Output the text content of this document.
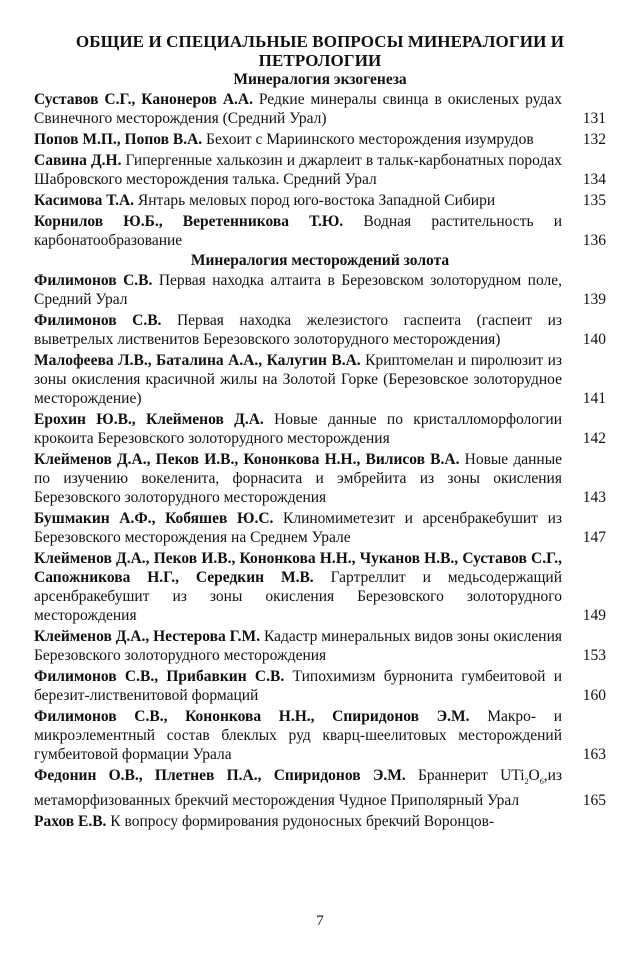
ОБЩИЕ И СПЕЦИАЛЬНЫЕ ВОПРОСЫ МИНЕРАЛОГИИ И ПЕТРОЛОГИИ
Минералогия экзогенеза
Суставов С.Г., Канонеров А.А. Редкие минералы свинца в окисленых рудах Свинечного месторождения (Средний Урал)	131
Попов М.П., Попов В.А. Бехоит с Мариинского месторождения изумрудов	132
Савина Д.Н. Гипергенные халькозин и джарлеит в тальк-карбонатных породах Шабровского месторождения талька. Средний Урал	134
Касимова Т.А. Янтарь меловых пород юго-востока Западной Сибири	135
Корнилов Ю.Б., Веретенникова Т.Ю. Водная растительность и карбонатообразование	136
Минералогия месторождений золота
Филимонов С.В. Первая находка алтаита в Березовском золоторудном поле, Средний Урал	139
Филимонов С.В. Первая находка железистого гаспеита (гаспеит из выветрелых лиственитов Березовского золоторудного месторождения)	140
Малофеева Л.В., Баталина А.А., Калугин В.А. Криптомелан и пиролюзит из зоны окисления красичной жилы на Золотой Горке (Березовское золоторудное месторождение)	141
Ерохин Ю.В., Клейменов Д.А. Новые данные по кристалломорфологии крокоита Березовского золоторудного месторождения	142
Клейменов Д.А., Пеков И.В., Кононкова Н.Н., Вилисов В.А. Новые данные по изучению вокеленита, форнасита и эмбрейита из зоны окисления Березовского золоторудного месторождения	143
Бушмакин А.Ф., Кобяшев Ю.С. Клиномиметезит и арсенбракебушит из Березовского месторождения на Среднем Урале	147
Клейменов Д.А., Пеков И.В., Кононкова Н.Н., Чуканов Н.В., Суставов С.Г., Сапожникова Н.Г., Середкин М.В. Гартреллит и медьсодержащий арсенбракебушит из зоны окисления Березовского золоторудного месторождения	149
Клейменов Д.А., Нестерова Г.М. Кадастр минеральных видов зоны окисления Березовского золоторудного месторождения	153
Филимонов С.В., Прибавкин С.В. Типохимизм бурнонита гумбеитовой и березит-лиственитовой формаций	160
Филимонов С.В., Кононкова Н.Н., Спиридонов Э.М. Макро- и микроэлементный состав блеклых руд кварц-шеелитовых месторождений гумбеитовой формации Урала	163
Федонин О.В., Плетнев П.А., Спиридонов Э.М. Браннерит $UTi_2O_6,из$ метаморфизованных брекчий месторождения Чудное Приполярный Урал	165
Рахов Е.В. К вопросу формирования рудоносных брекчий Воронцов-
7
